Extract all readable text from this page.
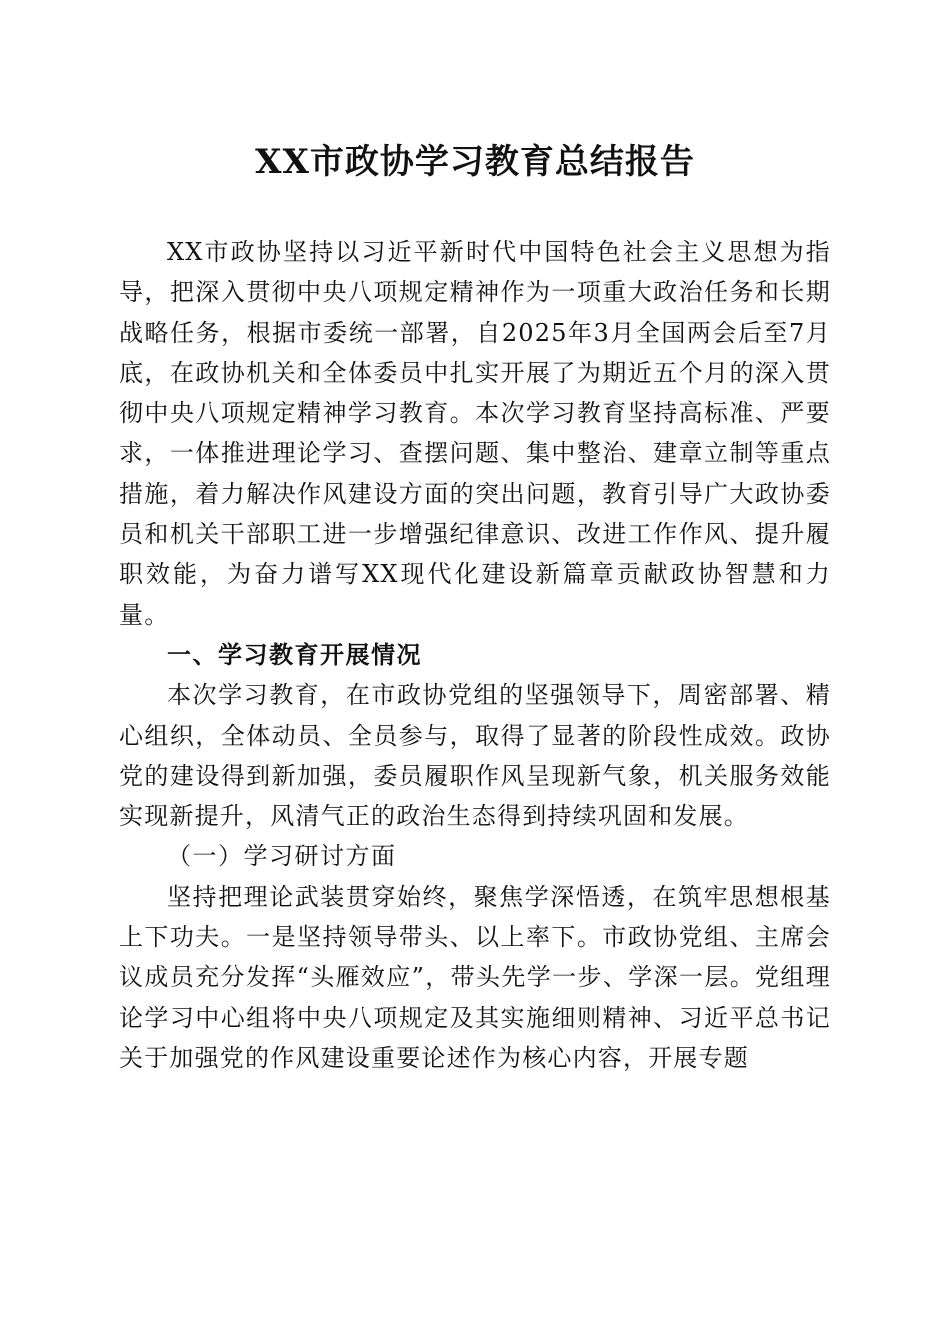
XX市政协学习教育总结报告

XX市政协坚持以习近平新时代中国特色社会主义思想为指导，把深入贯彻中央八项规定精神作为一项重大政治任务和长期战略任务，根据市委统一部署，自2025年3月全国两会后至7月底，在政协机关和全体委员中扎实开展了为期近五个月的深入贯彻中央八项规定精神学习教育。本次学习教育坚持高标准、严要求，一体推进理论学习、查摆问题、集中整治、建章立制等重点措施，着力解决作风建设方面的突出问题，教育引导广大政协委员和机关干部职工进一步增强纪律意识、改进工作作风、提升履职效能，为奋力谱写XX现代化建设新篇章贡献政协智慧和力量。

一、学习教育开展情况

本次学习教育，在市政协党组的坚强领导下，周密部署、精心组织，全体动员、全员参与，取得了显著的阶段性成效。政协党的建设得到新加强，委员履职作风呈现新气象，机关服务效能实现新提升，风清气正的政治生态得到持续巩固和发展。

（一）学习研讨方面

坚持把理论武装贯穿始终，聚焦学深悟透，在筑牢思想根基上下功夫。一是坚持领导带头、以上率下。市政协党组、主席会议成员充分发挥“头雁效应”，带头先学一步、学深一层。党组理论学习中心组将中央八项规定及其实施细则精神、习近平总书记关于加强党的作风建设重要论述作为核心内容，开展专题
